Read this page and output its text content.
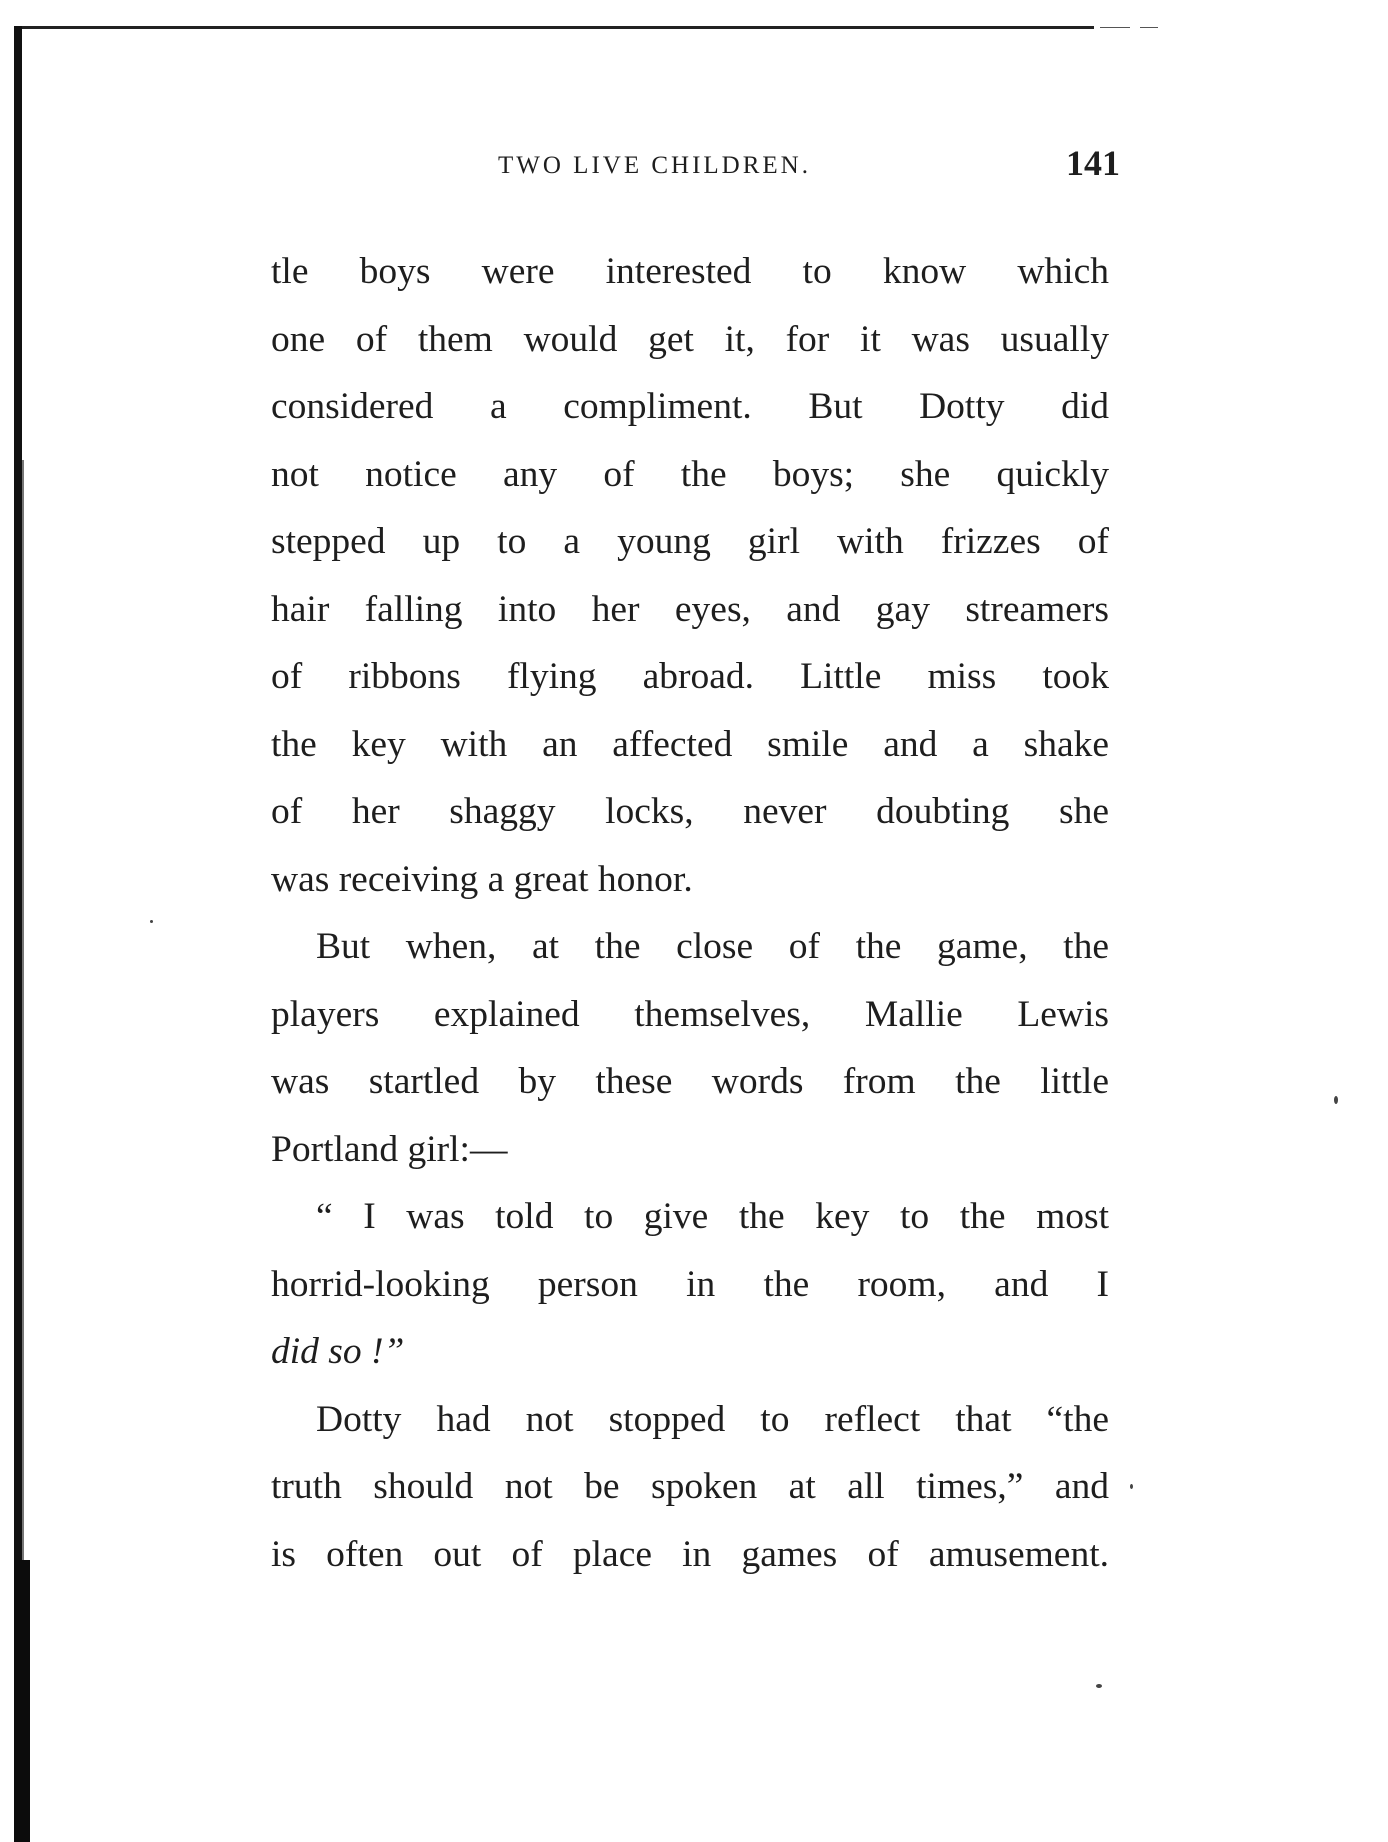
TWO LIVE CHILDREN.	141
tle boys were interested to know which
one of them would get it, for it was usually
considered a compliment. But Dotty did
not notice any of the boys; she quickly
stepped up to a young girl with frizzes of
hair falling into her eyes, and gay streamers
of ribbons flying abroad. Little miss took
the key with an affected smile and a shake
of her shaggy locks, never doubting she
was receiving a great honor.
But when, at the close of the game, the
players explained themselves, Mallie Lewis
was startled by these words from the little
Portland girl:—
“ I was told to give the key to the most
horrid-looking person in the room, and I
did so !”
Dotty had not stopped to reflect that “the
truth should not be spoken at all times,” and
is often out of place in games of amusement.
